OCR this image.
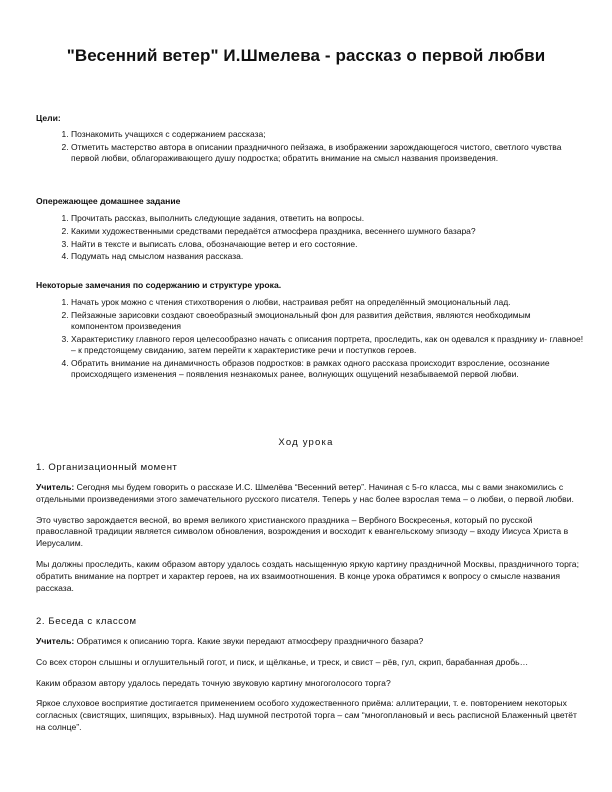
"Весенний ветер" И.Шмелева - рассказ о первой любви

Цели:

1. Познакомить учащихся с содержанием рассказа;
2. Отметить мастерство автора в описании праздничного пейзажа, в изображении зарождающегося чистого, светлого чувства первой любви, облагораживающего душу подростка; обратить внимание на смысл названия произведения.

Опережающее домашнее задание

1. Прочитать рассказ, выполнить следующие задания, ответить на вопросы.
2. Какими художественными средствами передаётся атмосфера праздника, весеннего шумного базара?
3. Найти в тексте и выписать слова, обозначающие ветер и его состояние.
4. Подумать над смыслом названия рассказа.

Некоторые замечания по содержанию и структуре урока.

1. Начать урок можно с чтения стихотворения о любви, настраивая ребят на определённый эмоциональный лад.
2. Пейзажные зарисовки создают своеобразный эмоциональный фон для развития действия, являются необходимым компонентом произведения
3. Характеристику главного героя целесообразно начать с описания портрета, проследить, как он одевался к празднику и- главное! – к предстоящему свиданию, затем перейти к характеристике речи и поступков героев.
4. Обратить внимание на динамичность образов подростков: в рамках одного рассказа происходит взросление, осознание происходящего изменения – появления незнакомых ранее, волнующих ощущений незабываемой первой любви.

Ход урока

1. Организационный момент

Учитель: Сегодня мы будем говорить о рассказе И.С. Шмелёва “Весенний ветер”. Начиная с 5-го класса, мы с вами знакомились с отдельными произведениями этого замечательного русского писателя. Теперь у нас более взрослая тема – о любви, о первой любви.

Это чувство зарождается весной, во время великого христианского праздника – Вербного Воскресенья, который по русской православной традиции является символом обновления, возрождения и восходит к евангельскому эпизоду – входу Иисуса Христа в Иерусалим.

Мы должны проследить, каким образом автору удалось создать насыщенную яркую картину праздничной Москвы, праздничного торга; обратить внимание на портрет и характер героев, на их взаимоотношения. В конце урока обратимся к вопросу о смысле названия рассказа.

2. Беседа с классом

Учитель: Обратимся к описанию торга. Какие звуки передают атмосферу праздничного базара?

Со всех сторон слышны и оглушительный гогот, и писк, и щёлканье, и треск, и свист – рёв, гул, скрип, барабанная дробь…

Каким образом автору удалось передать точную звуковую картину многоголосого торга?

Яркое слуховое восприятие достигается применением особого художественного приёма: аллитерации, т. е. повторением некоторых согласных (свистящих, шипящих, взрывных). Над шумной пестротой торга – сам “многоплановый и весь расписной Блаженный цветёт на солнце”.
